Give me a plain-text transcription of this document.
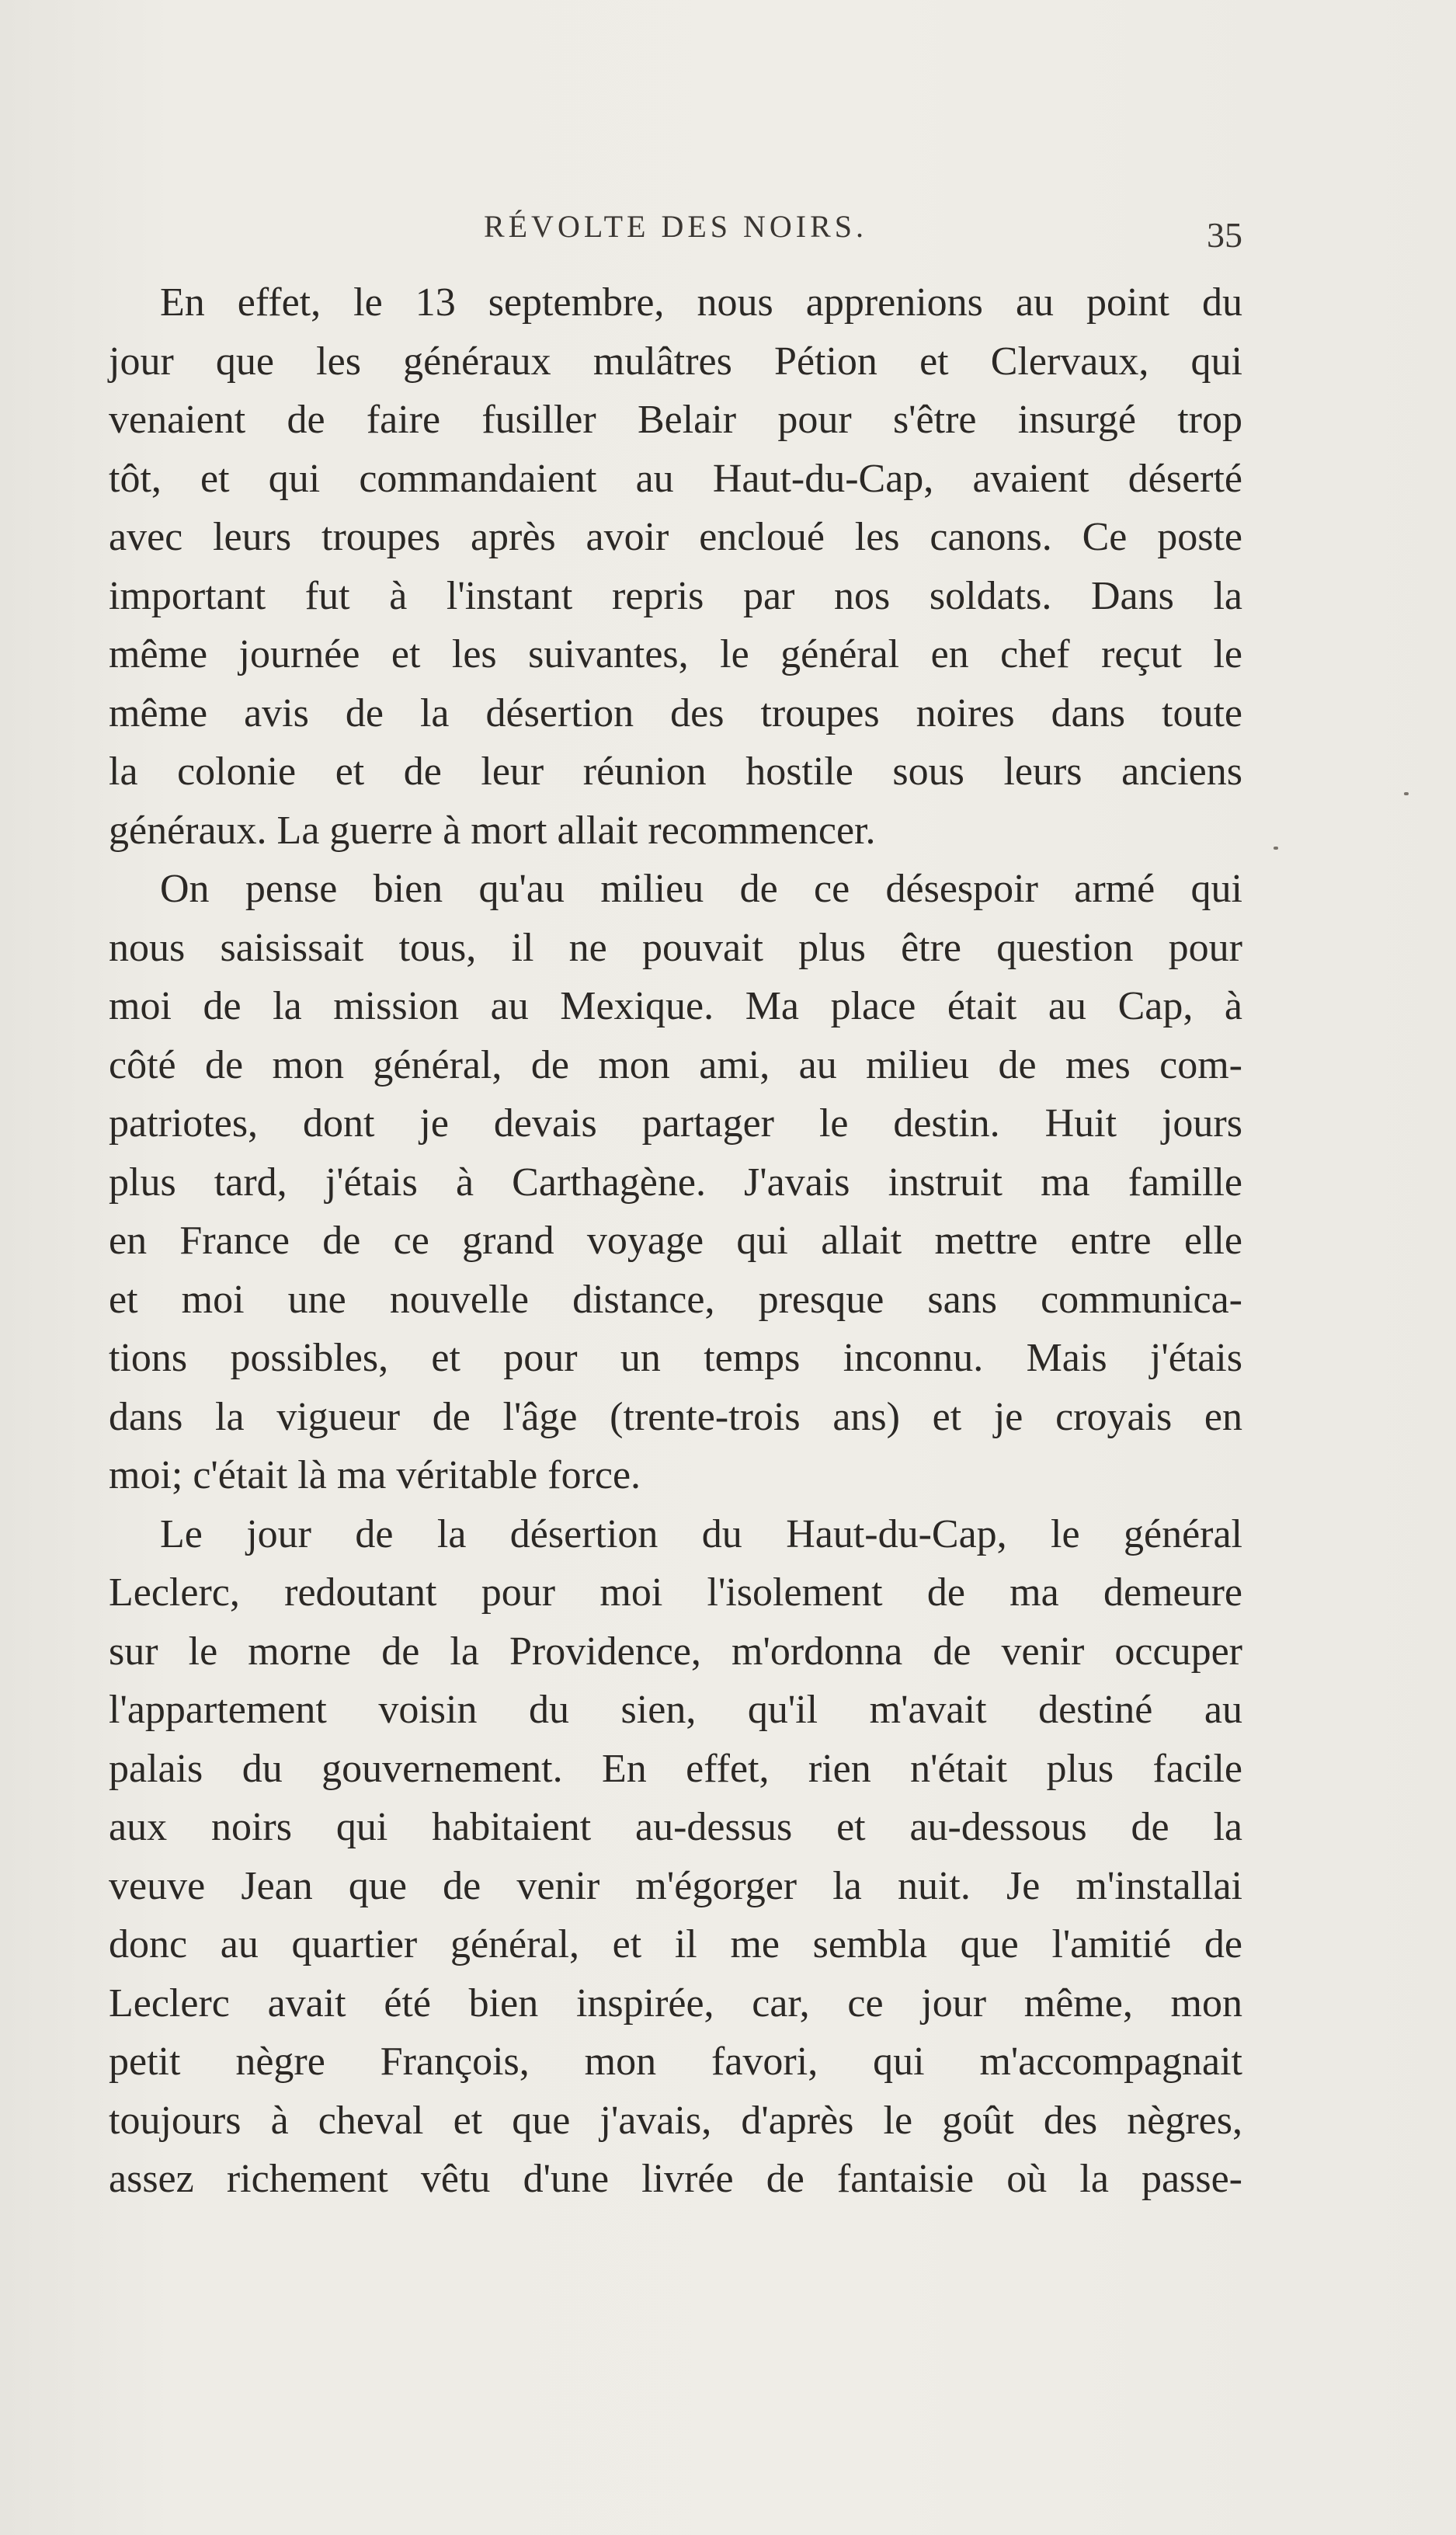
RÉVOLTE DES NOIRS.	35

En effet, le 13 septembre, nous apprenions au point du
jour que les généraux mulâtres Pétion et Clervaux, qui
venaient de faire fusiller Belair pour s'être insurgé trop
tôt, et qui commandaient au Haut-du-Cap, avaient déserté
avec leurs troupes après avoir encloué les canons. Ce poste
important fut à l'instant repris par nos soldats. Dans la
même journée et les suivantes, le général en chef reçut le
même avis de la désertion des troupes noires dans toute
la colonie et de leur réunion hostile sous leurs anciens
généraux. La guerre à mort allait recommencer.

On pense bien qu'au milieu de ce désespoir armé qui
nous saisissait tous, il ne pouvait plus être question pour
moi de la mission au Mexique. Ma place était au Cap, à
côté de mon général, de mon ami, au milieu de mes com-
patriotes, dont je devais partager le destin. Huit jours
plus tard, j'étais à Carthagène. J'avais instruit ma famille
en France de ce grand voyage qui allait mettre entre elle
et moi une nouvelle distance, presque sans communica-
tions possibles, et pour un temps inconnu. Mais j'étais
dans la vigueur de l'âge (trente-trois ans) et je croyais en
moi; c'était là ma véritable force.

Le jour de la désertion du Haut-du-Cap, le général
Leclerc, redoutant pour moi l'isolement de ma demeure
sur le morne de la Providence, m'ordonna de venir occuper
l'appartement voisin du sien, qu'il m'avait destiné au
palais du gouvernement. En effet, rien n'était plus facile
aux noirs qui habitaient au-dessus et au-dessous de la
veuve Jean que de venir m'égorger la nuit. Je m'installai
donc au quartier général, et il me sembla que l'amitié de
Leclerc avait été bien inspirée, car, ce jour même, mon
petit nègre François, mon favori, qui m'accompagnait
toujours à cheval et que j'avais, d'après le goût des nègres,
assez richement vêtu d'une livrée de fantaisie où la passe-
